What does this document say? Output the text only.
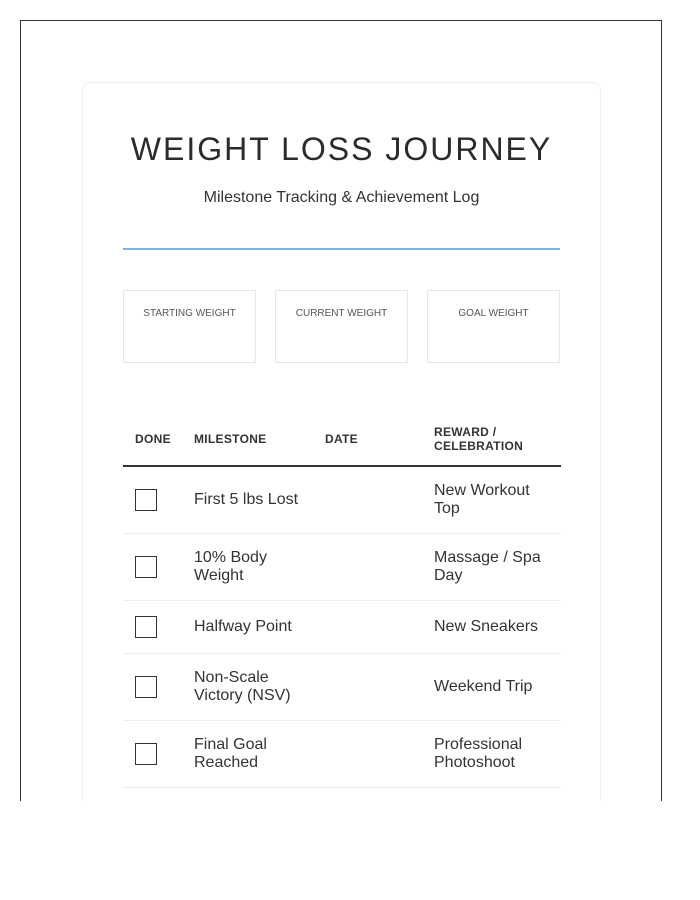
WEIGHT LOSS JOURNEY
Milestone Tracking & Achievement Log
STARTING WEIGHT	CURRENT WEIGHT	GOAL WEIGHT
DONE	MILESTONE	DATE	REWARD / CELEBRATION

	First 5 lbs Lost		New Workout Top

	10% Body Weight		Massage / Spa Day

	Halfway Point		New Sneakers

	Non-Scale Victory (NSV)		Weekend Trip

	Final Goal Reached		Professional Photoshoot
